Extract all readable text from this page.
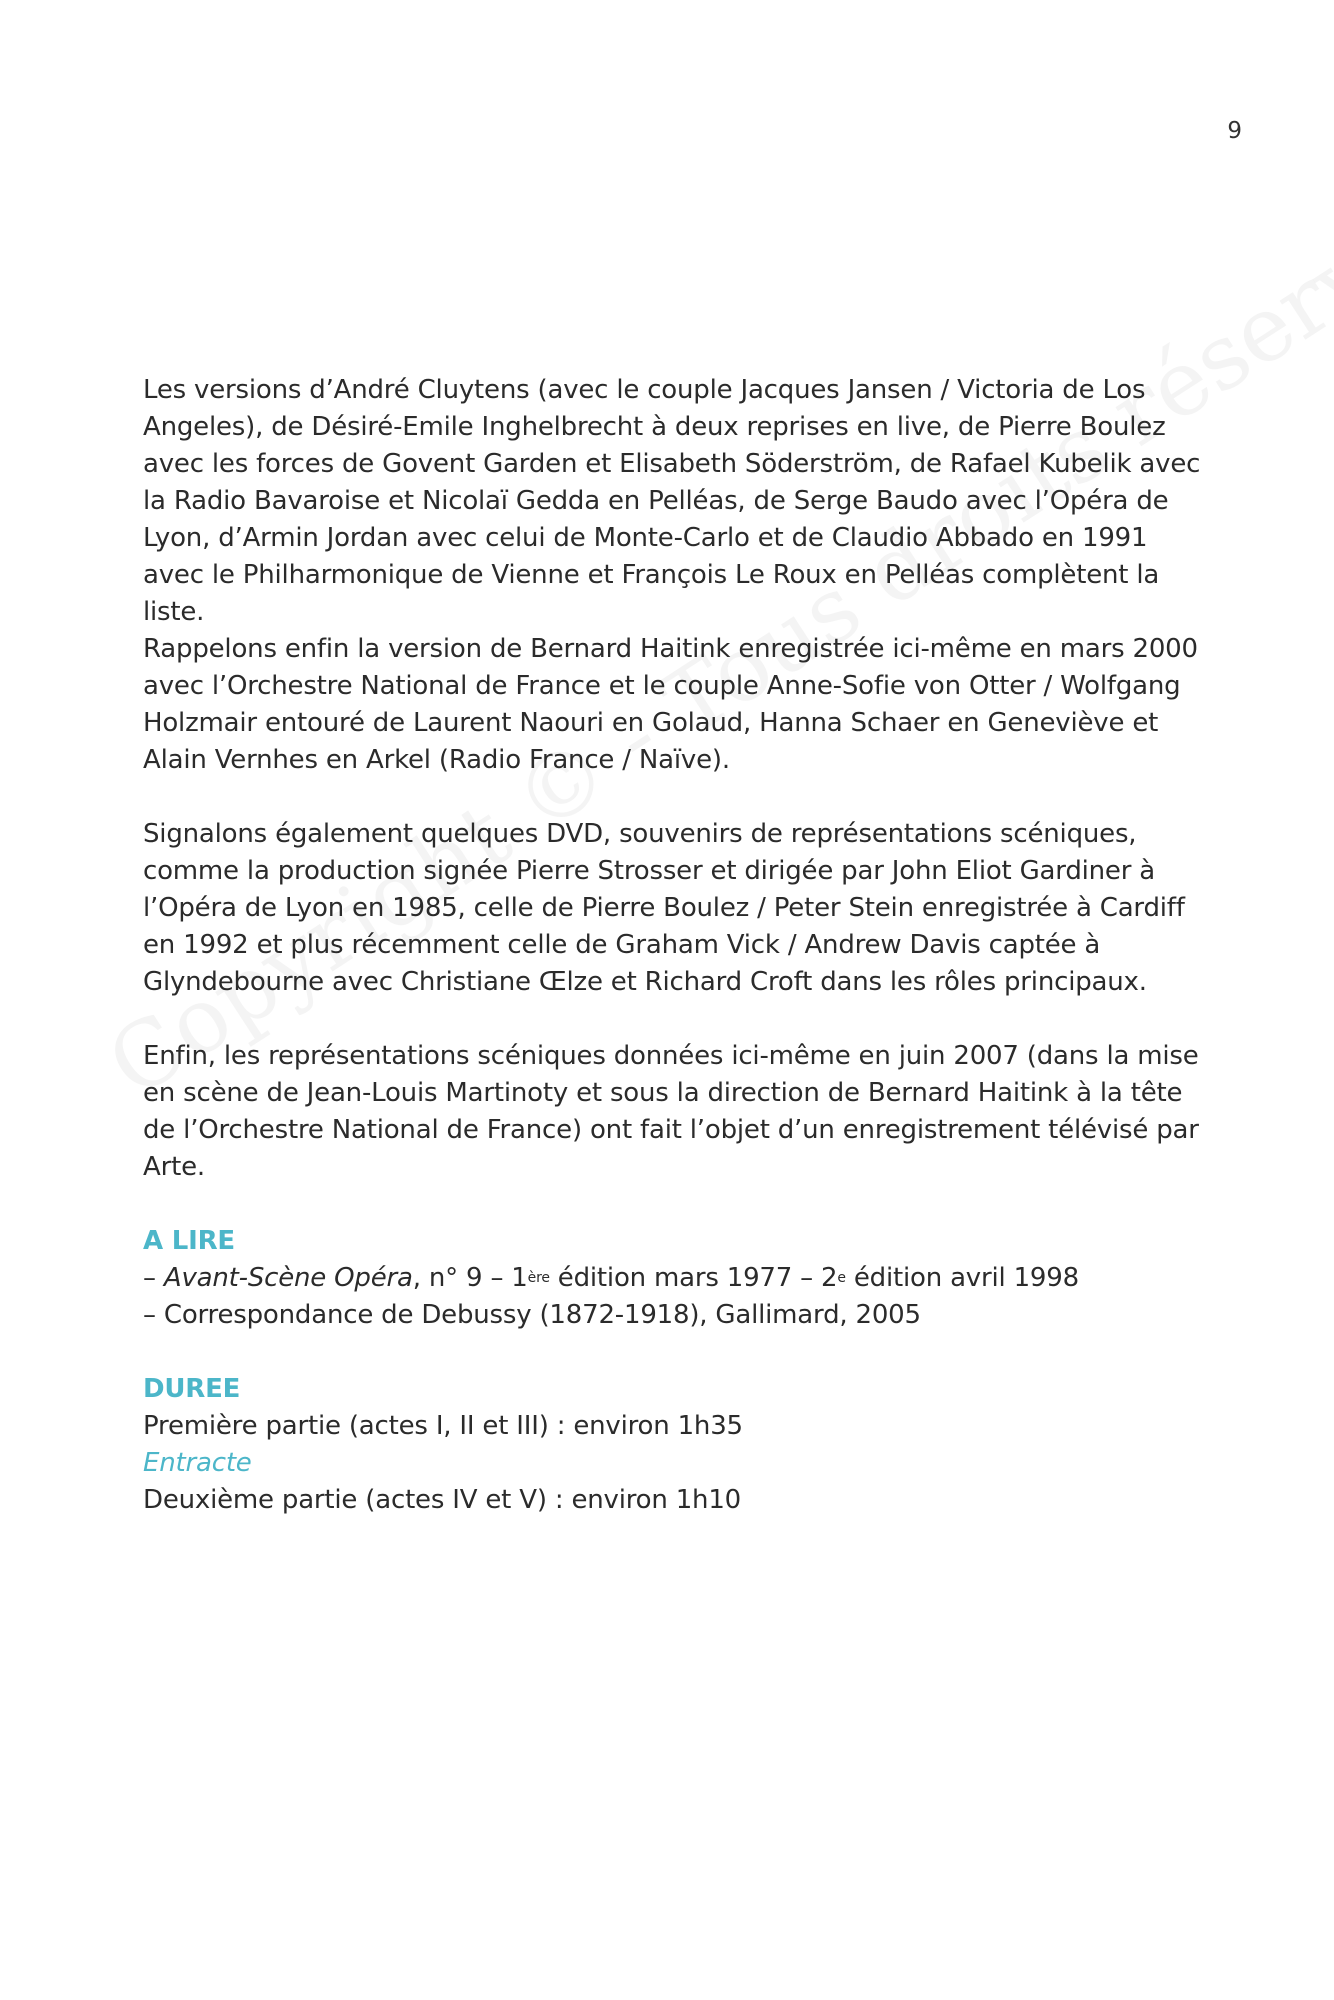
9

Les versions d’André Cluytens (avec le couple Jacques Jansen / Victoria de Los Angeles), de Désiré-Emile Inghelbrecht à deux reprises en live, de Pierre Boulez avec les forces de Govent Garden et Elisabeth Söderström, de Rafael Kubelik avec la Radio Bavaroise et Nicolaï Gedda en Pelléas, de Serge Baudo avec l’Opéra de Lyon, d’Armin Jordan avec celui de Monte-Carlo et de Claudio Abbado en 1991 avec le Philharmonique de Vienne et François Le Roux en Pelléas complètent la liste.

Rappelons enfin la version de Bernard Haitink enregistrée ici-même en mars 2000 avec l’Orchestre National de France et le couple Anne-Sofie von Otter / Wolfgang Holzmair entouré de Laurent Naouri en Golaud, Hanna Schaer en Geneviève et Alain Vernhes en Arkel (Radio France / Naïve).

Signalons également quelques DVD, souvenirs de représentations scéniques, comme la production signée Pierre Strosser et dirigée par John Eliot Gardiner à l’Opéra de Lyon en 1985, celle de Pierre Boulez / Peter Stein enregistrée à Cardiff en 1992 et plus récemment celle de Graham Vick / Andrew Davis captée à Glyndebourne avec Christiane Œlze et Richard Croft dans les rôles principaux.

Enfin, les représentations scéniques données ici-même en juin 2007 (dans la mise en scène de Jean-Louis Martinoty et sous la direction de Bernard Haitink à la tête de l’Orchestre National de France) ont fait l’objet d’un enregistrement télévisé par Arte.

A LIRE

– Avant-Scène Opéra, n° 9 – 1ère édition mars 1977 – 2e édition avril 1998

– Correspondance de Debussy (1872-1918), Gallimard, 2005

DUREE

Première partie (actes I, II et III) : environ 1h35

Entracte

Deuxième partie (actes IV et V) : environ 1h10
